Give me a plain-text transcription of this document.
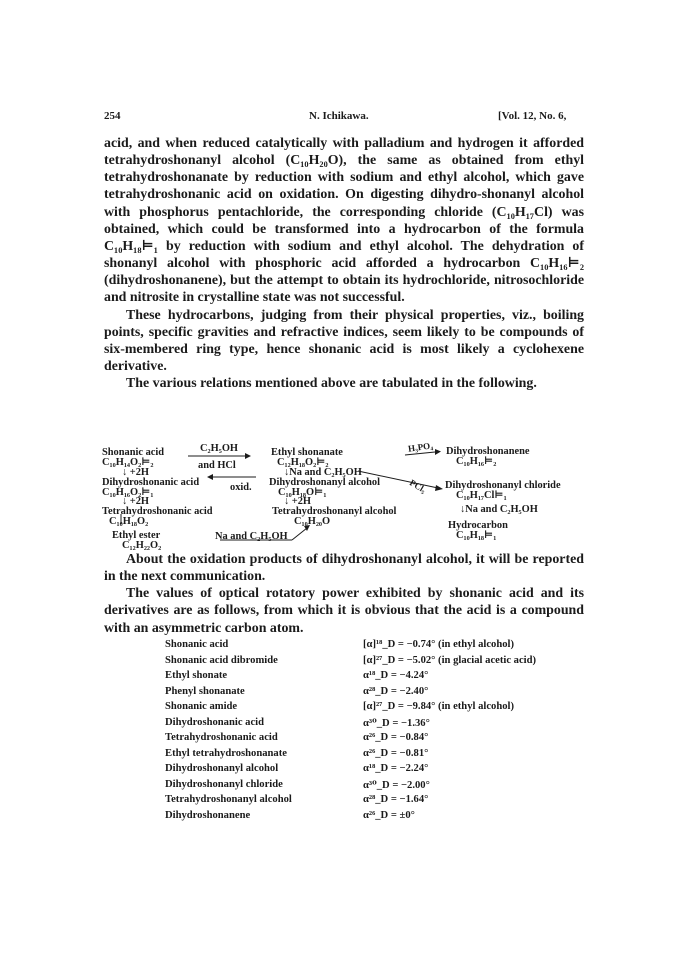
254	N. Ichikawa.	[Vol. 12, No. 6,

acid, and when reduced catalytically with palladium and hydrogen it afforded tetrahydroshonanyl alcohol (C₁₀H₂₀O), the same as obtained from ethyl tetrahydroshonanate by reduction with sodium and ethyl alcohol, which gave tetrahydroshonanic acid on oxidation. On digesting dihydro-shonanyl alcohol with phosphorus pentachloride, the corresponding chloride (C₁₀H₁₇Cl) was obtained, which could be transformed into a hydrocarbon of the formula C₁₀H₁₈⊨₁ by reduction with sodium and ethyl alcohol. The dehydration of shonanyl alcohol with phosphoric acid afforded a hydrocarbon C₁₀H₁₆⊨₂ (dihydroshonanene), but the attempt to obtain its hydrochloride, nitrosochloride and nitrosite in crystalline state was not successful.

These hydrocarbons, judging from their physical properties, viz., boiling points, specific gravities and refractive indices, seem likely to be compounds of six-membered ring type, hence shonanic acid is most likely a cyclohexene derivative.

The various relations mentioned above are tabulated in the following.

Shonanic acid
C₁₀H₁₄O₂⊨₂
↓ +2H
Dihydroshonanic acid
C₁₀H₁₆O₂⊨₁
↓ +2H
Tetrahydroshonanic acid
C₁₀H₁₈O₂
Ethyl ester
C₁₂H₂₂O₂
C₂H₅OH
and HCl
oxid.
Na and C₂H₅OH
Ethyl shonanate
C₁₂H₁₈O₂⊨₂
↓Na and C₂H₅OH
Dihydroshonanyl alcohol
C₁₀H₁₈O⊨₁
↓ +2H
Tetrahydroshonanyl alcohol
C₁₀H₂₀O
H₃PO₄
PCl₅
Dihydroshonanene
C₁₀H₁₆⊨₂
Dihydroshonanyl chloride
C₁₀H₁₇Cl⊨₁
↓Na and C₂H₅OH
Hydrocarbon
C₁₀H₁₈⊨₁

About the oxidation products of dihydroshonanyl alcohol, it will be reported in the next communication.

The values of optical rotatory power exhibited by shonanic acid and its derivatives are as follows, from which it is obvious that the acid is a compound with an asymmetric carbon atom.

Shonanic acid	[α]¹⁸_D = −0.74° (in ethyl alcohol)
Shonanic acid dibromide	[α]²⁷_D = −5.02° (in glacial acetic acid)
Ethyl shonate	α¹⁸_D = −4.24°
Phenyl shonanate	α²⁸_D = −2.40°
Shonanic amide	[α]²⁷_D = −9.84° (in ethyl alcohol)
Dihydroshonanic acid	α³⁰_D = −1.36°
Tetrahydroshonanic acid	α²⁶_D = −0.84°
Ethyl tetrahydroshonanate	α²⁶_D = −0.81°
Dihydroshonanyl alcohol	α¹⁸_D = −2.24°
Dihydroshonanyl chloride	α³⁰_D = −2.00°
Tetrahydroshonanyl alcohol	α²⁸_D = −1.64°
Dihydroshonanene	α²⁶_D = ±0°
